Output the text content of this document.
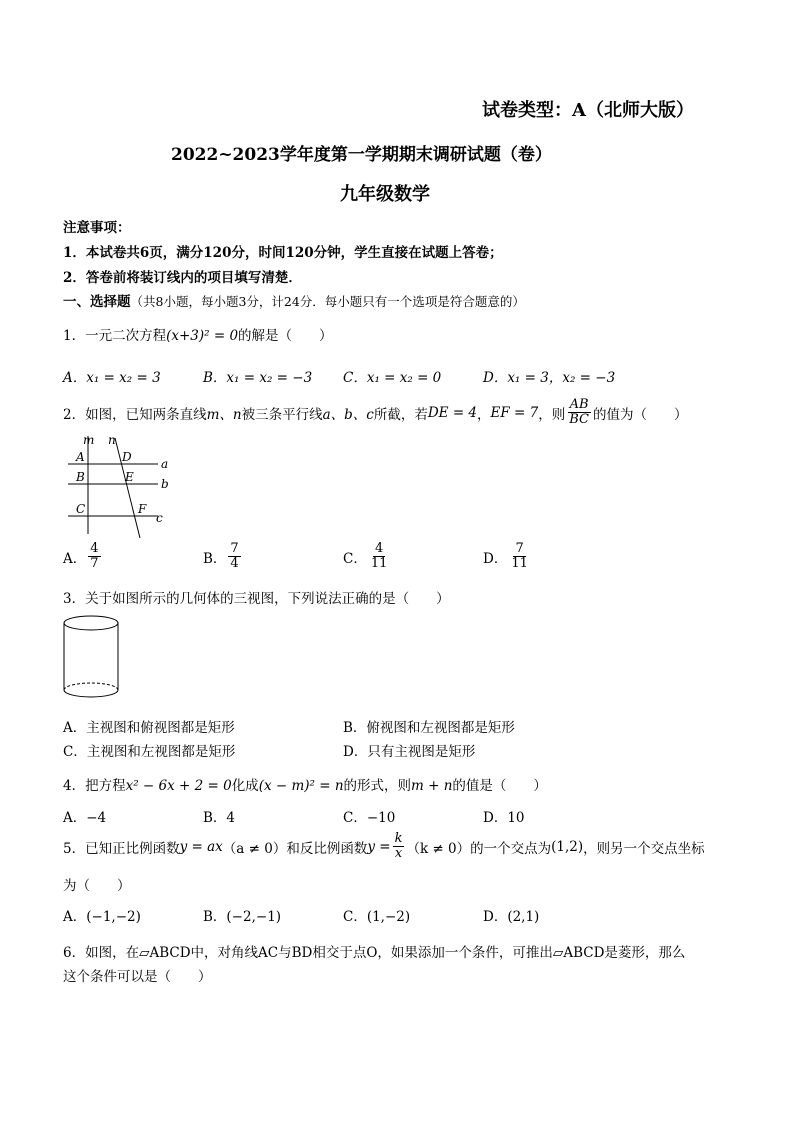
试卷类型：A（北师大版）
2022~2023学年度第一学期期末调研试题（卷）
九年级数学
注意事项：
1．本试卷共6页，满分120分，时间120分钟，学生直接在试题上答卷；
2．答卷前将装订线内的项目填写清楚．
一、选择题（共8小题，每小题3分，计24分．每小题只有一个选项是符合题意的）
1．一元二次方程(x+3)² = 0的解是（　　）
A．x₁ = x₂ = 3	B．x₁ = x₂ = −3 C．x₁ = x₂ = 0	D．x₁ = 3，x₂ = −3
2．如图，已知两条直线 m、n 被三条平行线 a、b、c 所截，若 DE = 4 ， EF = 7 ，则 $\frac{AB}{BC}$ 的值为（　　）
m n
A	D a
B	E b
C	F
c
A． $\frac{4}{7}$	B． $\frac{7}{4}$	C． $\frac{4}{11}$	D． $\frac{7}{11}$
3．关于如图所示的几何体的三视图，下列说法正确的是（　　）
A．主视图和俯视图都是矩形	B．俯视图和左视图都是矩形
C．主视图和左视图都是矩形	D．只有主视图是矩形
4．把方程x² − 6x + 2 = 0化成(x − m)² = n的形式，则m + n的值是（　　）
A．−4	B．4	C．−10	D．10
5．已知正比例函数 y = ax （a ≠ 0） 和反比例函数 $y = \frac{k}{x} (k \ne 0)$ 的一个交点为 (1,2) ，则另一个交点坐标
为（　　）
A．(−1,−2)	B．(−2,−1)	C．(1,−2)	D．(2,1)
6．如图，在▱ABCD中，对角线AC与BD相交于点O，如果添加一个条件，可推出▱ABCD是菱形，那么
这个条件可以是（　　）
